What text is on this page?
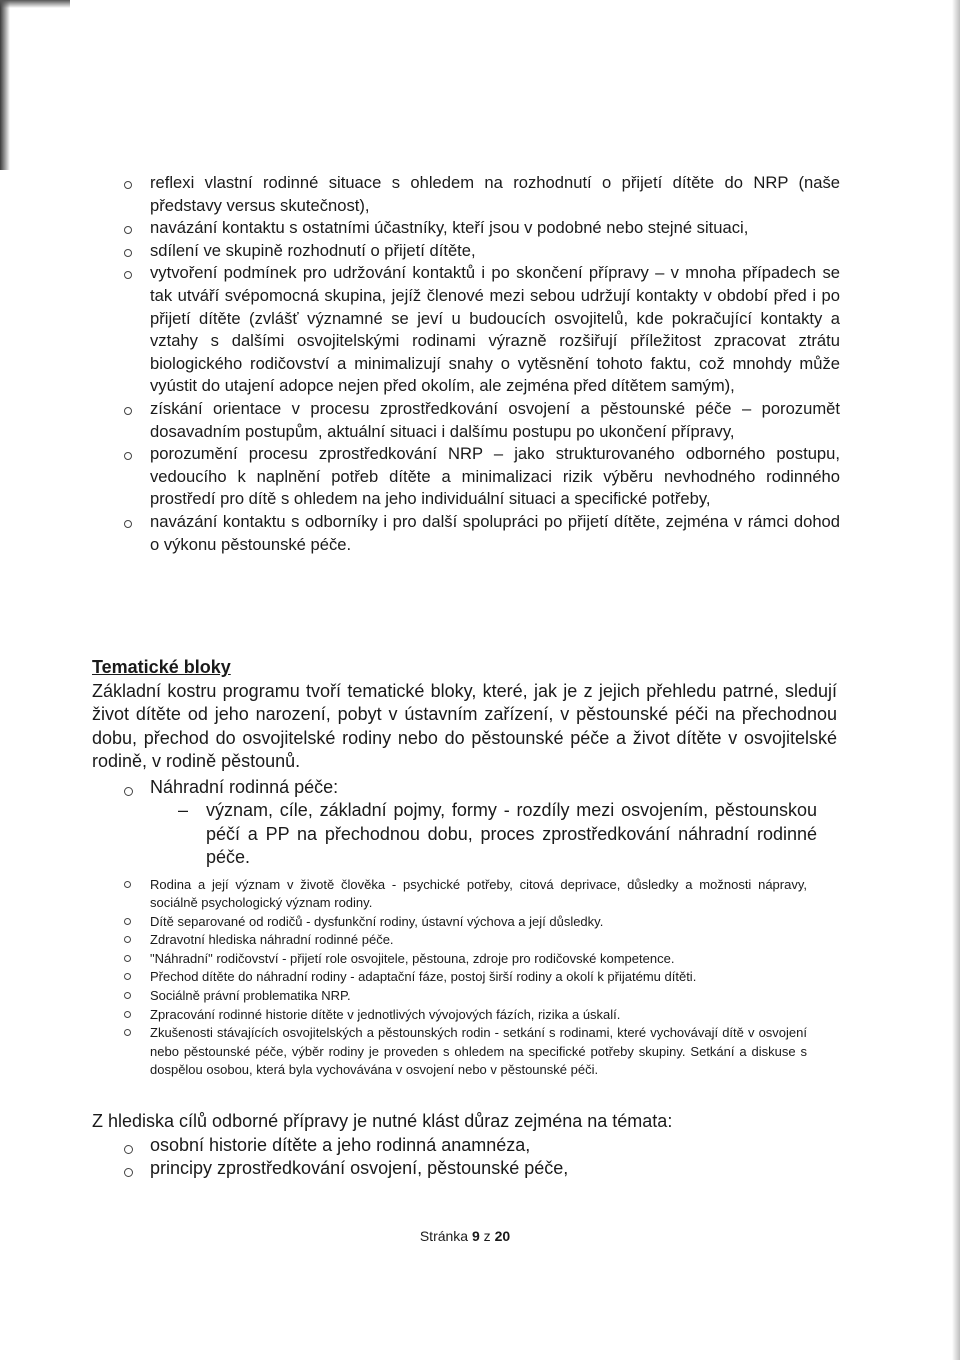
reflexi vlastní rodinné situace s ohledem na rozhodnutí o přijetí dítěte do NRP (naše představy versus skutečnost),
navázání kontaktu s ostatními účastníky, kteří jsou v podobné nebo stejné situaci,
sdílení ve skupině rozhodnutí o přijetí dítěte,
vytvoření podmínek pro udržování kontaktů i po skončení přípravy – v mnoha případech se tak utváří svépomocná skupina, jejíž členové mezi sebou udržují kontakty v období před i po přijetí dítěte (zvlášť významné se jeví u budoucích osvojitelů, kde pokračující kontakty a vztahy s dalšími osvojitelskými rodinami výrazně rozšiřují příležitost zpracovat ztrátu biologického rodičovství a minimalizují snahy o vytěsnění tohoto faktu, což mnohdy může vyústit do utajení adopce nejen před okolím, ale zejména před dítětem samým),
získání orientace v procesu zprostředkování osvojení a pěstounské péče – porozumět dosavadním postupům, aktuální situaci i dalšímu postupu po ukončení přípravy,
porozumění procesu zprostředkování NRP – jako strukturovaného odborného postupu, vedoucího k naplnění potřeb dítěte a minimalizaci rizik výběru nevhodného rodinného prostředí pro dítě s ohledem na jeho individuální situaci a specifické potřeby,
navázání kontaktu s odborníky i pro další spolupráci po přijetí dítěte, zejména v rámci dohod o výkonu pěstounské péče.
Tematické bloky

Základní kostru programu tvoří tematické bloky, které, jak je z jejich přehledu patrné, sledují život dítěte od jeho narození, pobyt v ústavním zařízení, v pěstounské péči na přechodnou dobu, přechod do osvojitelské rodiny nebo do pěstounské péče a život dítěte v osvojitelské rodině, v rodině pěstounů.

Náhradní rodinná péče:
– význam, cíle, základní pojmy, formy - rozdíly mezi osvojením, pěstounskou péčí a PP na přechodnou dobu, proces zprostředkování náhradní rodinné péče.
Rodina a její význam v životě člověka - psychické potřeby, citová deprivace, důsledky a možnosti nápravy, sociálně psychologický význam rodiny.
Dítě separované od rodičů - dysfunkční rodiny, ústavní výchova a její důsledky.
Zdravotní hlediska náhradní rodinné péče.
"Náhradní" rodičovství - přijetí role osvojitele, pěstouna, zdroje pro rodičovské kompetence.
Přechod dítěte do náhradní rodiny - adaptační fáze, postoj širší rodiny a okolí k přijatému dítěti.
Sociálně právní problematika NRP.
Zpracování rodinné historie dítěte v jednotlivých vývojových fázích, rizika a úskalí.
Zkušenosti stávajících osvojitelských a pěstounských rodin - setkání s rodinami, které vychovávají dítě v osvojení nebo pěstounské péče, výběr rodiny je proveden s ohledem na specifické potřeby skupiny. Setkání a diskuse s dospělou osobou, která byla vychovávána v osvojení nebo v pěstounské péči.

Z hlediska cílů odborné přípravy je nutné klást důraz zejména na témata:

osobní historie dítěte a jeho rodinná anamnéza,
principy zprostředkování osvojení, pěstounské péče,
Stránka 9 z 20
